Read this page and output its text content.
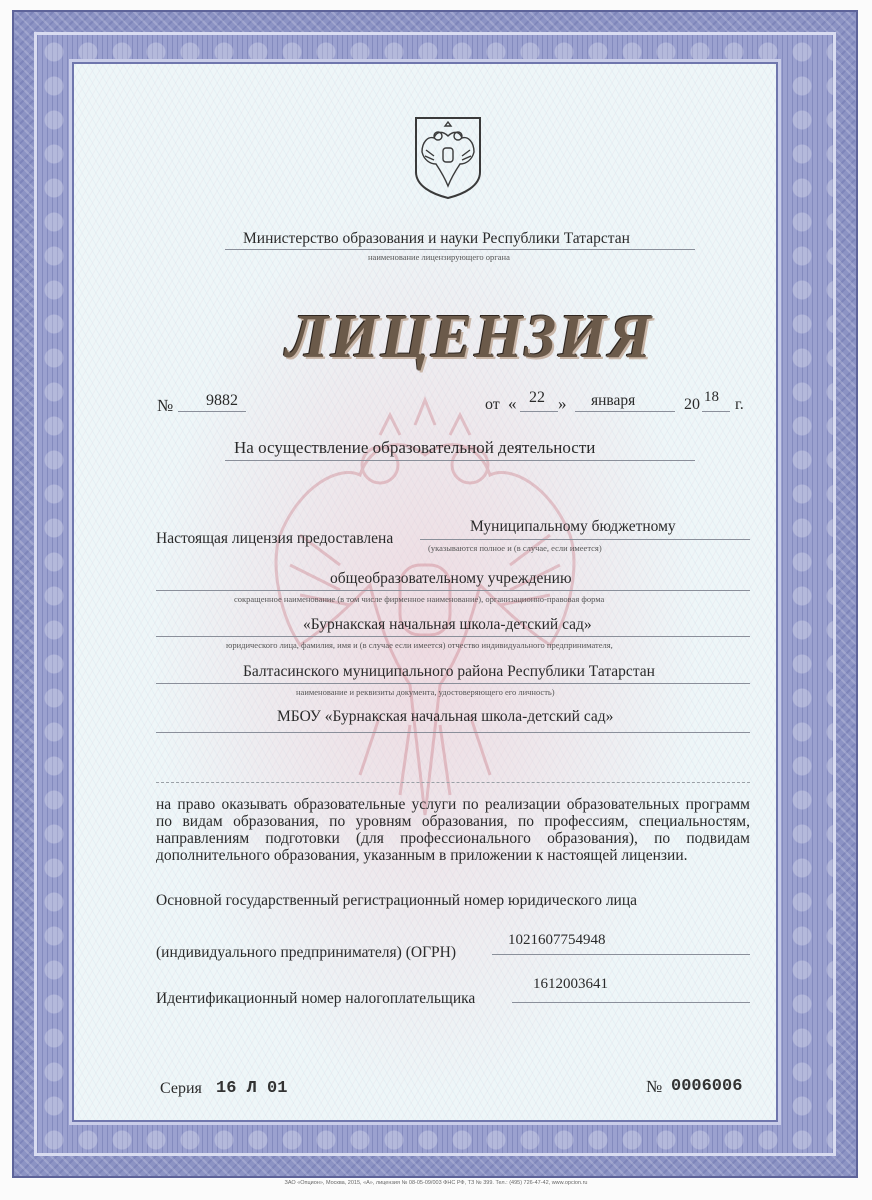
Министерство образования и науки Республики Татарстан
наименование лицензирующего органа
ЛИЦЕНЗИЯ
№ 9882	от « 22 » января	20 18 г.
На осуществление образовательной деятельности
Настоящая лицензия предоставлена
Муниципальному бюджетному
(указываются полное и (в случае, если имеется)
общеобразовательному учреждению
сокращенное наименование (в том числе фирменное наименование), организационно-правовая форма
«Бурнакская начальная школа-детский сад»
юридического лица, фамилия, имя и (в случае если имеется) отчество индивидуального предпринимателя,
Балтасинского муниципального района Республики Татарстан
наименование и реквизиты документа, удостоверяющего его личность)
МБОУ «Бурнакская начальная школа-детский сад»
на право оказывать образовательные услуги по реализации образовательных программ по видам образования, по уровням образования, по профессиям, специальностям, направлениям подготовки (для профессионального образования), по подвидам дополнительного образования, указанным в приложении к настоящей лицензии.
Основной государственный регистрационный номер юридического лица
(индивидуального предпринимателя) (ОГРН)
1021607754948
Идентификационный номер налогоплательщика
1612003641
Серия 16 Л 01	№ 0006006
ЗАО «Опцион», Москва, 2015, «А», лицензия № 08-05-09/003 ФНС РФ, ТЗ № 399. Тел.: (495) 726-47-42, www.opcion.ru
